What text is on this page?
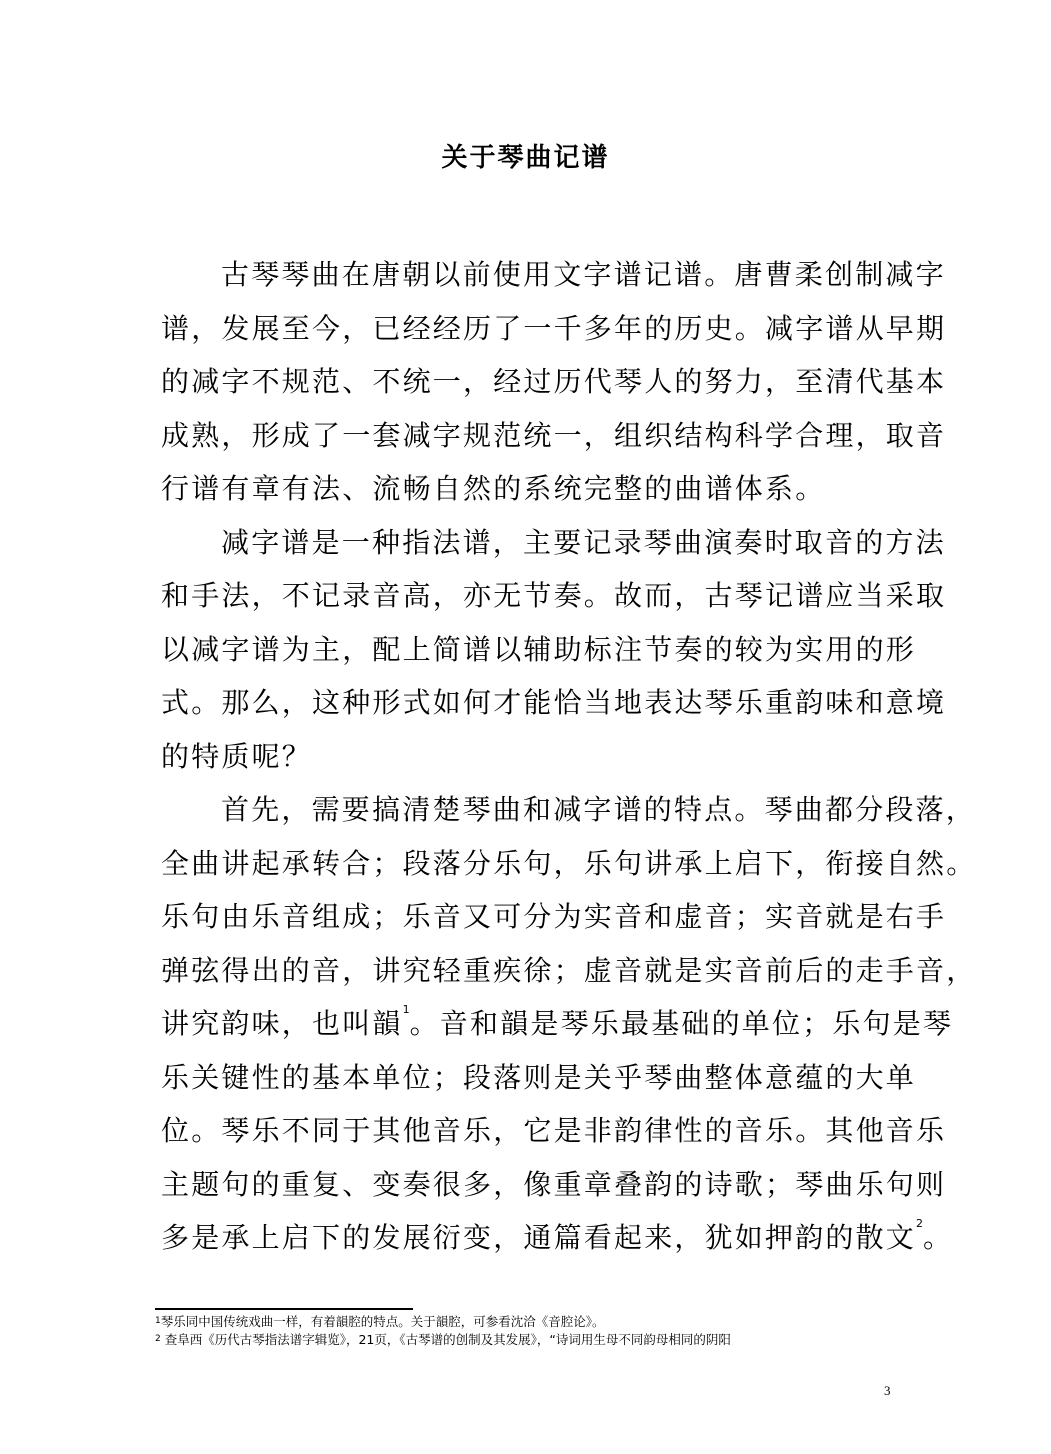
关于琴曲记谱
古琴琴曲在唐朝以前使用文字谱记谱。唐曹柔创制减字
谱，发展至今，已经经历了一千多年的历史。减字谱从早期
的减字不规范、不统一，经过历代琴人的努力，至清代基本
成熟，形成了一套减字规范统一，组织结构科学合理，取音
行谱有章有法、流畅自然的系统完整的曲谱体系。
减字谱是一种指法谱，主要记录琴曲演奏时取音的方法
和手法，不记录音高，亦无节奏。故而，古琴记谱应当采取
以减字谱为主，配上简谱以辅助标注节奏的较为实用的形
式。那么，这种形式如何才能恰当地表达琴乐重韵味和意境
的特质呢？
首先，需要搞清楚琴曲和减字谱的特点。琴曲都分段落，
全曲讲起承转合；段落分乐句，乐句讲承上启下，衔接自然。
乐句由乐音组成；乐音又可分为实音和虚音；实音就是右手
弹弦得出的音，讲究轻重疾徐；虚音就是实音前后的走手音，
讲究韵味，也叫韻$^1$。音和韻是琴乐最基础的单位；乐句是琴
乐关键性的基本单位；段落则是关乎琴曲整体意蕴的大单
位。琴乐不同于其他音乐，它是非韵律性的音乐。其他音乐
主题句的重复、变奏很多，像重章叠韵的诗歌；琴曲乐句则
多是承上启下的发展衍变，通篇看起来，犹如押韵的散文$^2$。
$^1$琴乐同中国传统戏曲一样，有着韻腔的特点。关于韻腔，可参看沈洽《音腔论》。
$^2$ 查阜西《历代古琴指法谱字辑览》，21页，《古琴谱的创制及其发展》，“诗词用生母不同韵母相同的阴阳
3
